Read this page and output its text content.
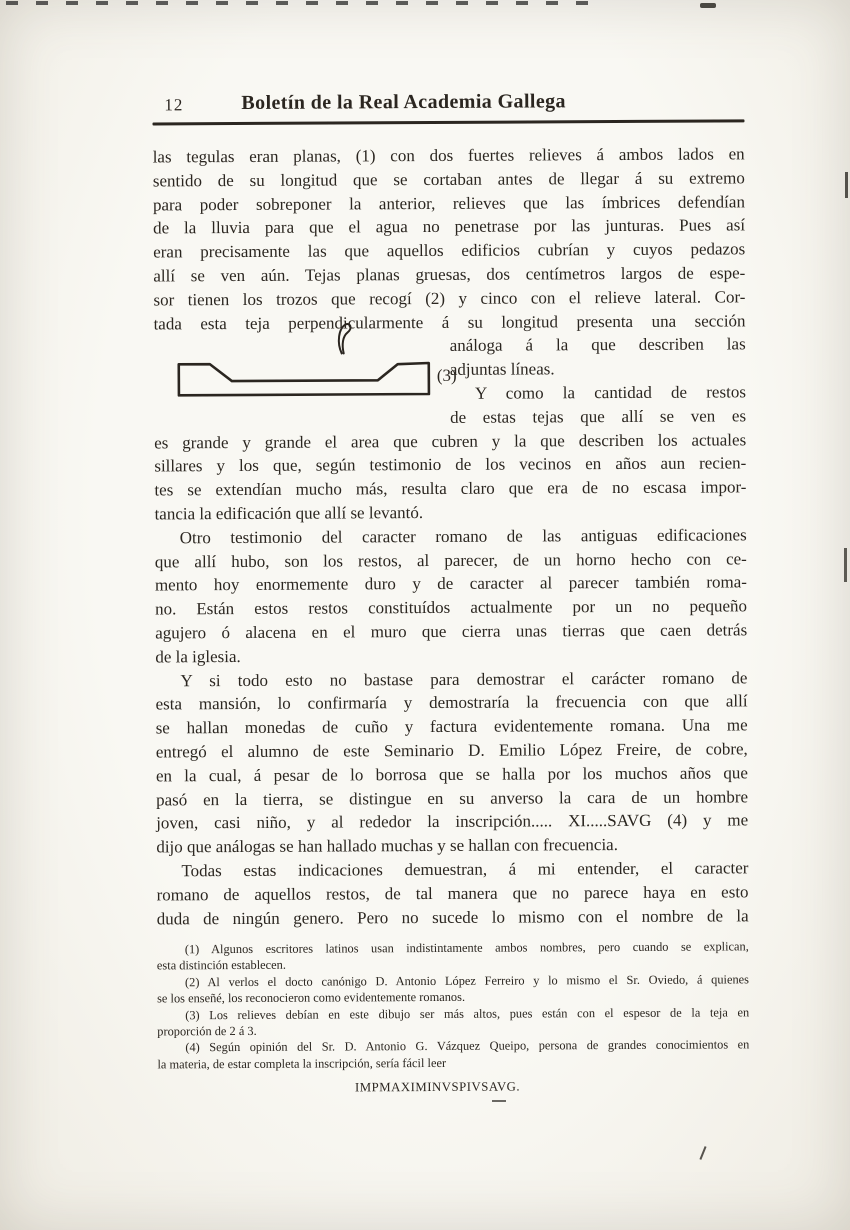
12	Boletín de la Real Academia Gallega
las tegulas eran planas, (1) con dos fuertes relieves á ambos lados en
sentido de su longitud que se cortaban antes de llegar á su extremo
para poder sobreponer la anterior, relieves que las ímbrices defendían
de la lluvia para que el agua no penetrase por las junturas. Pues así
eran precisamente las que aquellos edificios cubrían y cuyos pedazos
allí se ven aún. Tejas planas gruesas, dos centímetros largos de espe-
sor tienen los trozos que recogí (2) y cinco con el relieve lateral. Cor-
tada esta teja perpendicularmente á su longitud presenta una sección
análoga á la que describen las
adjuntas líneas.
Y como la cantidad de restos
de estas tejas que allí se ven es
es grande y grande el area que cubren y la que describen los actuales
sillares y los que, según testimonio de los vecinos en años aun recien-
tes se extendían mucho más, resulta claro que era de no escasa impor-
tancia la edificación que allí se levantó.
Otro testimonio del caracter romano de las antiguas edificaciones
que allí hubo, son los restos, al parecer, de un horno hecho con ce-
mento hoy enormemente duro y de caracter al parecer también roma-
no. Están estos restos constituídos actualmente por un no pequeño
agujero ó alacena en el muro que cierra unas tierras que caen detrás
de la iglesia.
Y si todo esto no bastase para demostrar el carácter romano de
esta mansión, lo confirmaría y demostraría la frecuencia con que allí
se hallan monedas de cuño y factura evidentemente romana. Una me
entregó el alumno de este Seminario D. Emilio López Freire, de cobre,
en la cual, á pesar de lo borrosa que se halla por los muchos años que
pasó en la tierra, se distingue en su anverso la cara de un hombre
joven, casi niño, y al rededor la inscripción..... XI.....SAVG (4) y me
dijo que análogas se han hallado muchas y se hallan con frecuencia.
Todas estas indicaciones demuestran, á mi entender, el caracter
romano de aquellos restos, de tal manera que no parece haya en esto
duda de ningún genero. Pero no sucede lo mismo con el nombre de la
(3)
(1) Algunos escritores latinos usan indistintamente ambos nombres, pero cuando se explican,
esta distinción establecen.
(2) Al verlos el docto canónigo D. Antonio López Ferreiro y lo mismo el Sr. Oviedo, á quienes
se los enseñé, los reconocieron como evidentemente romanos.
(3) Los relieves debían en este dibujo ser más altos, pues están con el espesor de la teja en
proporción de 2 á 3.
(4) Según opinión del Sr. D. Antonio G. Vázquez Queipo, persona de grandes conocimientos en
la materia, de estar completa la inscripción, sería fácil leer
IMPMAXIMINVSPIVSAVG.
